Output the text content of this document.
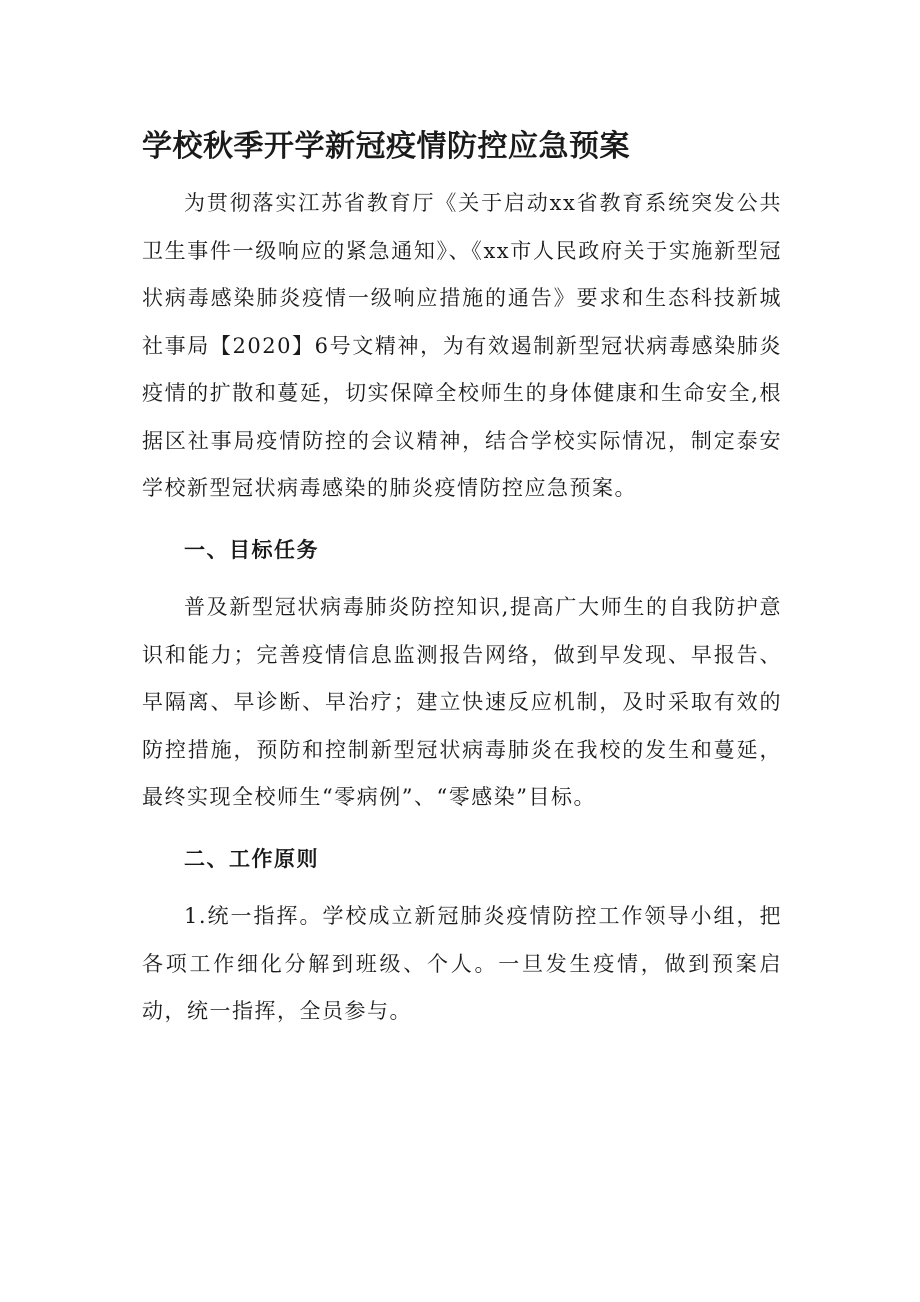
学校秋季开学新冠疫情防控应急预案

为贯彻落实江苏省教育厅《关于启动xx省教育系统突发公共卫生事件一级响应的紧急通知》、《xx市人民政府关于实施新型冠状病毒感染肺炎疫情一级响应措施的通告》要求和生态科技新城社事局【2020】6号文精神，为有效遏制新型冠状病毒感染肺炎疫情的扩散和蔓延，切实保障全校师生的身体健康和生命安全,根据区社事局疫情防控的会议精神，结合学校实际情况，制定泰安学校新型冠状病毒感染的肺炎疫情防控应急预案。

一、目标任务

普及新型冠状病毒肺炎防控知识,提高广大师生的自我防护意识和能力；完善疫情信息监测报告网络，做到早发现、早报告、早隔离、早诊断、早治疗；建立快速反应机制，及时采取有效的防控措施，预防和控制新型冠状病毒肺炎在我校的发生和蔓延，最终实现全校师生“零病例”、“零感染”目标。

二、工作原则

1.统一指挥。学校成立新冠肺炎疫情防控工作领导小组，把各项工作细化分解到班级、个人。一旦发生疫情，做到预案启动，统一指挥，全员参与。
